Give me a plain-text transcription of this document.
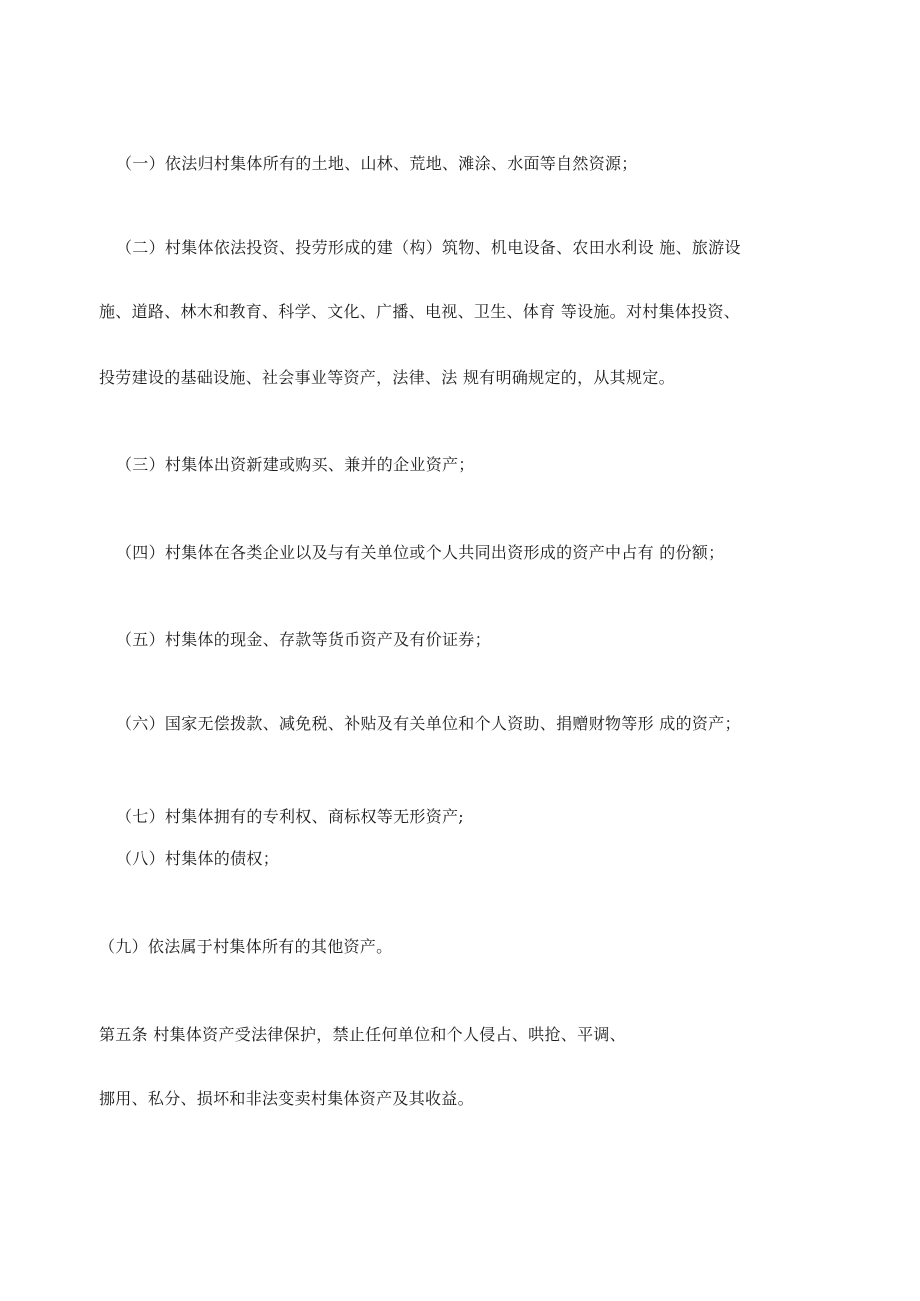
（一）依法归村集体所有的土地、山林、荒地、滩涂、水面等自然资源；

（二）村集体依法投资、投劳形成的建（构）筑物、机电设备、农田水利设 施、旅游设

施、道路、林木和教育、科学、文化、广播、电视、卫生、体育 等设施。对村集体投资、

投劳建设的基础设施、社会事业等资产，法律、法 规有明确规定的，从其规定。

（三）村集体出资新建或购买、兼并的企业资产；

（四）村集体在各类企业以及与有关单位或个人共同出资形成的资产中占有 的份额；

（五）村集体的现金、存款等货币资产及有价证券；

（六）国家无偿拨款、减免税、补贴及有关单位和个人资助、捐赠财物等形 成的资产；

（七）村集体拥有的专利权、商标权等无形资产;

（八）村集体的债权；

（九）依法属于村集体所有的其他资产。

第五条 村集体资产受法律保护，禁止任何单位和个人侵占、哄抢、平调、

挪用、私分、损坏和非法变卖村集体资产及其收益。
